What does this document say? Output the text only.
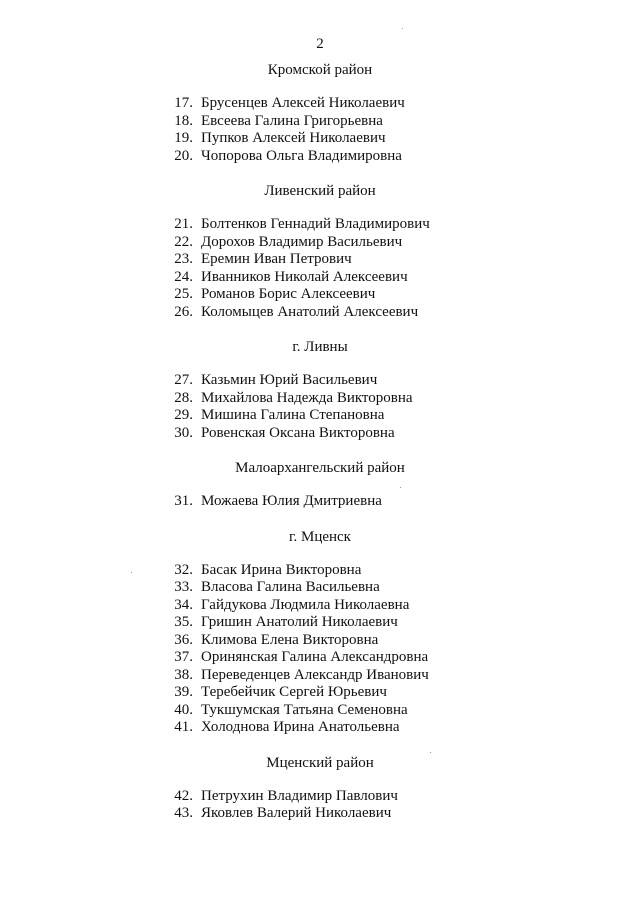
2
Кромской район
17. Брусенцев Алексей Николаевич
18. Евсеева Галина Григорьевна
19. Пупков Алексей Николаевич
20. Чопорова Ольга Владимировна
Ливенский район
21. Болтенков Геннадий Владимирович
22. Дорохов Владимир Васильевич
23. Еремин Иван Петрович
24. Иванников Николай Алексеевич
25. Романов Борис Алексеевич
26. Коломыцев Анатолий Алексеевич
г. Ливны
27. Казьмин Юрий Васильевич
28. Михайлова Надежда Викторовна
29. Мишина Галина Степановна
30. Ровенская Оксана Викторовна
Малоархангельский район
31. Можаева Юлия Дмитриевна
г. Мценск
32. Басак Ирина Викторовна
33. Власова Галина Васильевна
34. Гайдукова Людмила Николаевна
35. Гришин Анатолий Николаевич
36. Климова Елена Викторовна
37. Оринянская Галина Александровна
38. Переведенцев Александр Иванович
39. Теребейчик Сергей Юрьевич
40. Тукшумская Татьяна Семеновна
41. Холоднова Ирина Анатольевна
Мценский район
42. Петрухин Владимир Павлович
43. Яковлев Валерий Николаевич
